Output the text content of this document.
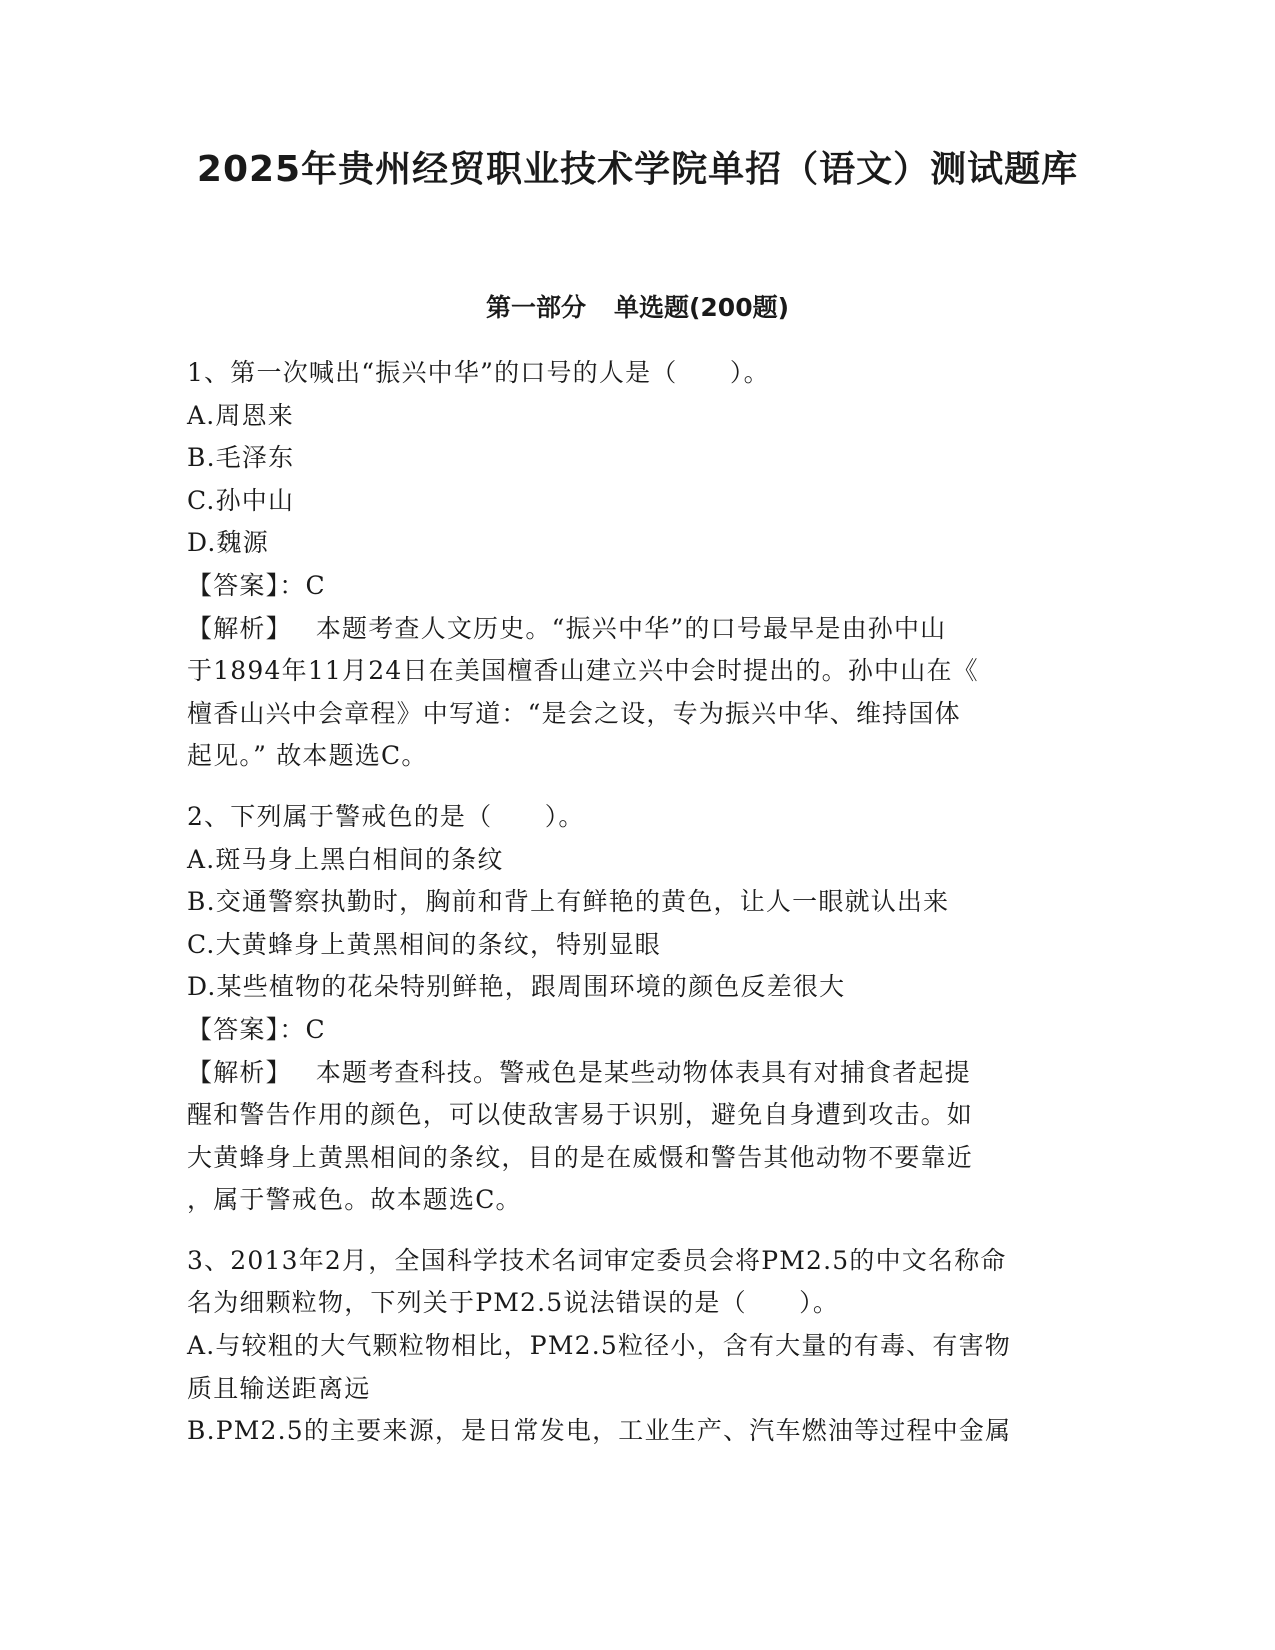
2025年贵州经贸职业技术学院单招（语文）测试题库
第一部分 单选题(200题)
1、第一次喊出“振兴中华”的口号的人是（　　）。
A.周恩来
B.毛泽东
C.孙中山
D.魏源
【答案】：C
【解析】 本题考查人文历史。“振兴中华”的口号最早是由孙中山
于1894年11月24日在美国檀香山建立兴中会时提出的。孙中山在《
檀香山兴中会章程》中写道：“是会之设，专为振兴中华、维持国体
起见。” 故本题选C。
2、下列属于警戒色的是（　　）。
A.斑马身上黑白相间的条纹
B.交通警察执勤时，胸前和背上有鲜艳的黄色，让人一眼就认出来
C.大黄蜂身上黄黑相间的条纹，特别显眼
D.某些植物的花朵特别鲜艳，跟周围环境的颜色反差很大
【答案】：C
【解析】 本题考查科技。警戒色是某些动物体表具有对捕食者起提
醒和警告作用的颜色，可以使敌害易于识别，避免自身遭到攻击。如
大黄蜂身上黄黑相间的条纹，目的是在威慑和警告其他动物不要靠近
，属于警戒色。故本题选C。
3、2013年2月，全国科学技术名词审定委员会将PM2.5的中文名称命
名为细颗粒物，下列关于PM2.5说法错误的是（　　）。
A.与较粗的大气颗粒物相比，PM2.5粒径小，含有大量的有毒、有害物
质且输送距离远
B.PM2.5的主要来源，是日常发电，工业生产、汽车燃油等过程中金属
